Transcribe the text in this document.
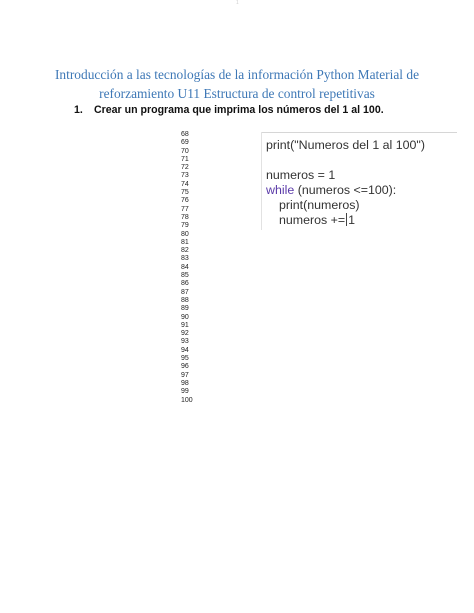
1
Introducción a las tecnologías de la información Python Material de
reforzamiento U11 Estructura de control repetitivas
1. Crear un programa que imprima los números del 1 al 100.
68
69
70
71
72
73
74
75
76
77
78
79
80
81
82
83
84
85
86
87
88
89
90
91
92
93
94
95
96
97
98
99
100
print("Numeros del 1 al 100")
numeros = 1
while (numeros <=100):
print(numeros)
numeros += 1
